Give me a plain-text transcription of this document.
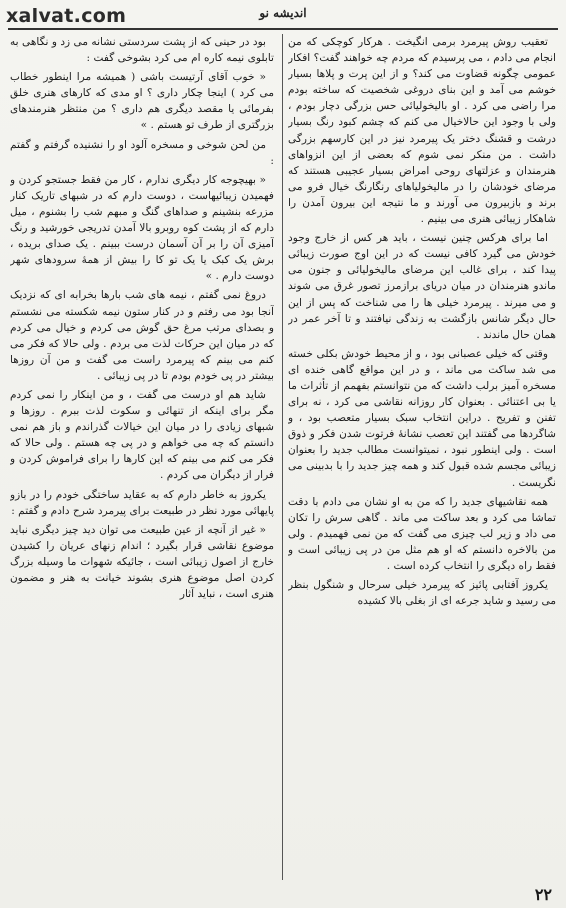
xalvat.com	اندیشه نو

تعقیب روش پیرمرد برمی انگیخت . هرکار کوچکی که من انجام می دادم ، می پرسیدم که مردم چه خواهند گفت؟ افکار عمومی چگونه قضاوت می کند؟ و از این پرت و پلاها بسیار خوشم می آمد و این بنای دروغی شخصیت که ساخته بودم مرا راضی می کرد . او بالیخولیائی حس بزرگی دچار بودم ، ولی با وجود این حالاخیال می کنم که چشم کبود رنگ بسیار درشت و قشنگ دختر یک پیرمرد نیز در این کارسهم بزرگی داشت . من منکر نمی شوم که بعضی از این انزواهای هنرمندان و عزلتهای روحی امراض بسیار عجیبی هستند که مرضای خودشان را در مالیخولیاهای رنگارنگ خیال فرو می برند و بازبیرون می آورند و ما نتیجه این بیرون آمدن را شاهکار زیبائی هنری می بینیم .

اما برای هرکس چنین نیست ، باید هر کس از خارج وجود خودش می گیرد کافی نیست که در این اوج صورت زیبائی پیدا کند ، برای غالب این مرضای مالیخولیائی و جنون می ماندو هنرمندان در میان دریای برازمرز تصور غرق می شوند و می میرند . پیرمرد خیلی ها را می شناخت که پس از این حال دیگر شانس بازگشت به زندگی نیافتند و تا آخر عمر در همان حال ماندند .

وقتی که خیلی عصبانی بود ، و از محیط خودش بکلی خسته می شد ساکت می ماند ، و در این مواقع گاهی خنده ای مسخره آمیز برلب داشت که من نتوانستم بفهمم از تأثرات ما یا بی اعتنائی . بعنوان کار روزانه نقاشی می کرد ، نه برای تفنن و تفریح . دراین انتخاب سبک بسیار متعصب بود ، و شاگردها می گفتند این تعصب نشانهٔ فرتوت شدن فکر و ذوق است . ولی اینطور نبود ، نمیتوانست مطالب جدید را بعنوان زیبائی مجسم شده قبول کند و همه چیز جدید را با بدبینی می نگریست .

همه نقاشیهای جدید را که من به او نشان می دادم با دقت تماشا می کرد و بعد ساکت می ماند . گاهی سرش را تکان می داد و زیر لب چیزی می گفت که من نمی فهمیدم . ولی من بالاخره دانستم که او هم مثل من در پی زیبائی است و فقط راه دیگری را انتخاب کرده است .

یکروز آفتابی پائیز که پیرمرد خیلی سرحال و شنگول بنظر می رسید و شاید جرعه ای از بغلی بالا کشیده

بود در حینی که از پشت سردستی نشانه می زد و نگاهی به تابلوی نیمه کاره ام می کرد بشوخی گفت :

« خوب آقای آرتیست باشی ( همیشه مرا اینطور خطاب می کرد ) اینجا چکار داری ؟ او مدی که کارهای هنری خلق بفرمائی یا مقصد دیگری هم داری ؟ من منتظر هنرمندهای بزرگتری از طرف تو هستم . »

من لحن شوخی و مسخره آلود او را نشنیده گرفتم و گفتم :

« بهیچوجه کار دیگری ندارم ، کار من فقط جستجو کردن و فهمیدن زیبائیهاست ، دوست دارم که در شبهای تاریک کنار مزرعه بنشینم و صداهای گنگ و مبهم شب را بشنوم ، میل دارم که از پشت کوه روبرو بالا آمدن تدریجی خورشید و رنگ آمیزی آن را بر آن آسمان درست ببینم . یک صدای بریده ، برش یک کبک یا یک تو کا را بیش از همهٔ سرودهای شهر دوست دارم . »

دروغ نمی گفتم ، نیمه های شب بارها بخرابه ای که نزدیک آنجا بود می رفتم و در کنار ستون نیمه شکسته می نشستم و بصدای مرتب مرغ حق گوش می کردم و خیال می کردم که در میان این حرکات لذت می بردم . ولی حالا که فکر می کنم می بینم که پیرمرد راست می گفت و من آن روزها بیشتر در پی خودم بودم تا در پی زیبائی .

شاید هم او درست می گفت ، و من اینکار را نمی کردم مگر برای اینکه از تنهائی و سکوت لذت ببرم . روزها و شبهای زیادی را در میان این خیالات گذراندم و باز هم نمی دانستم که چه می خواهم و در پی چه هستم . ولی حالا که فکر می کنم می بینم که این کارها را برای فراموش کردن و فرار از دیگران می کردم .

یکروز به خاطر دارم که به عقاید ساختگی خودم را در بازو پایهائی مورد نظر در طبیعت برای پیرمرد شرح دادم و گفتم :

« غیر از آنچه از عین طبیعت می توان دید چیز دیگری نباید موضوع نقاشی قرار بگیرد ؛ اندام زنهای عریان را کشیدن خارج از اصول زیبائی است ، جائیکه شهوات ما وسیله بزرگ کردن اصل موضوع هنری بشوند خیانت به هنر و مضمون هنری است ، نباید آثار

۲۲
